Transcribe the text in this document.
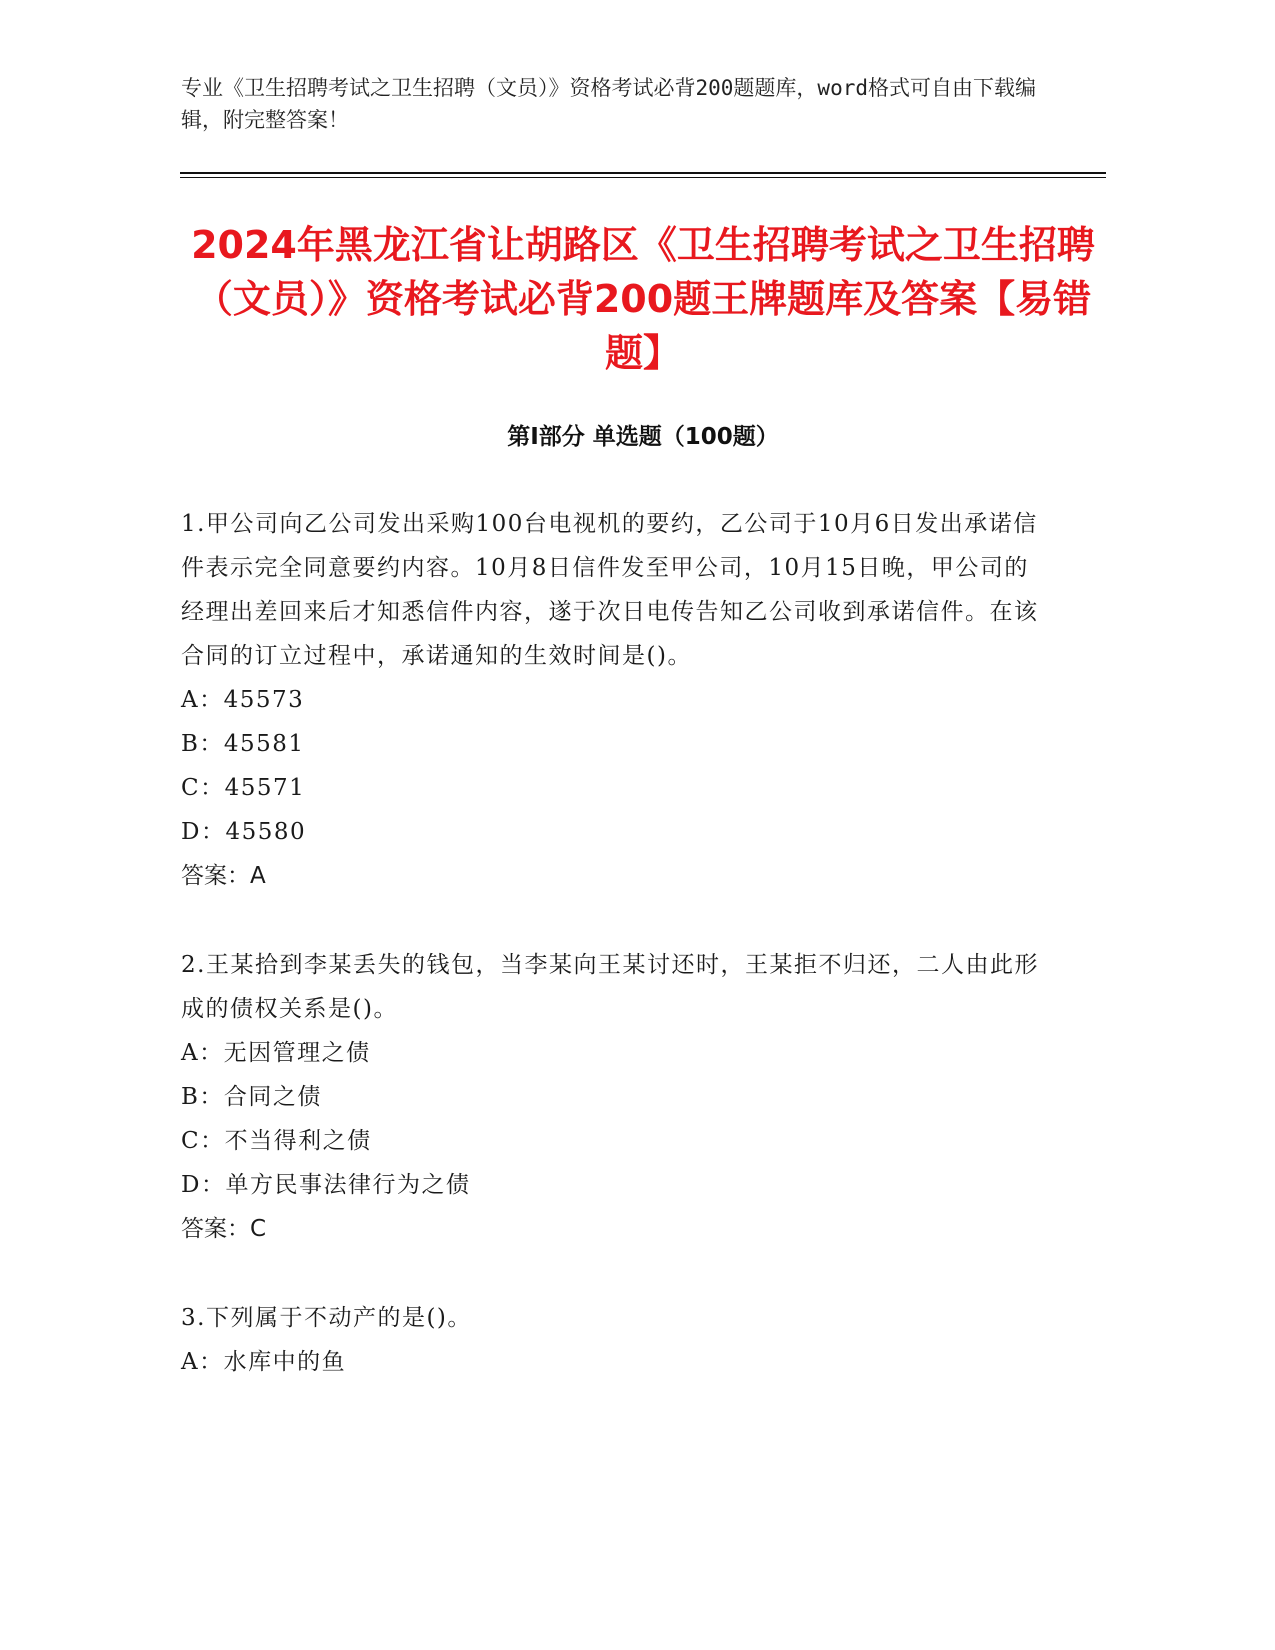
专业《卫生招聘考试之卫生招聘（文员）》资格考试必背200题题库，word格式可自由下载编辑，附完整答案！
2024年黑龙江省让胡路区《卫生招聘考试之卫生招聘（文员）》资格考试必背200题王牌题库及答案【易错题】
第Ⅰ部分 单选题（100题）

1.甲公司向乙公司发出采购100台电视机的要约，乙公司于10月6日发出承诺信件表示完全同意要约内容。10月8日信件发至甲公司，10月15日晚，甲公司的经理出差回来后才知悉信件内容，遂于次日电传告知乙公司收到承诺信件。在该合同的订立过程中，承诺通知的生效时间是()。

A：45573

B：45581

C：45571

D：45580

答案：A

2.王某拾到李某丢失的钱包，当李某向王某讨还时，王某拒不归还，二人由此形成的债权关系是()。

A：无因管理之债

B：合同之债

C：不当得利之债

D：单方民事法律行为之债

答案：C

3.下列属于不动产的是()。

A：水库中的鱼
